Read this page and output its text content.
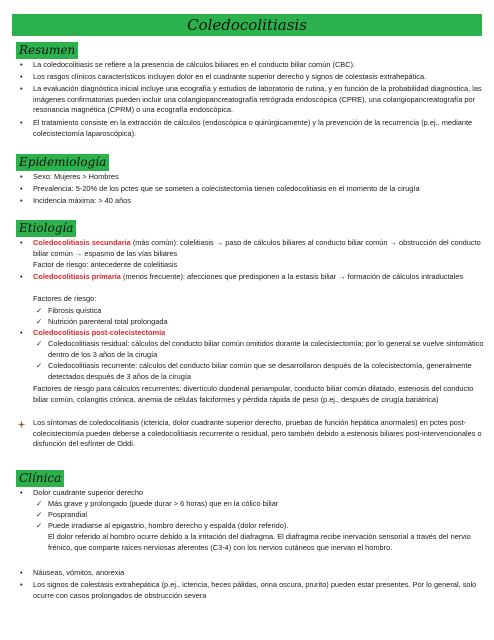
Coledocolitiasis
Resumen
• La coledocolitiasis se refiere a la presencia de cálculos biliares en el conducto biliar común (CBC).
• Los rasgos clínicos característicos incluyen dolor en el cuadrante superior derecho y signos de colestasis extrahepática.
• La evaluación diagnóstica inicial incluye una ecografía y estudios de laboratorio de rutina, y en función de la probabilidad diagnóstica, las imágenes confirmatorias pueden incluir una colangiopancreatografía retrógrada endoscópica (CPRE), una colangiopancreatografía por resonancia magnética (CPRM) o una ecografía endoscópica.
• El tratamiento consiste en la extracción de cálculos (endoscópica o quirúrgicamente) y la prevención de la recurrencia (p.ej., mediante colecistectomía laparoscópica).
Epidemiología
• Sexo: Mujeres > Hombres
• Prevalencia: 5-20% de los pctes que se someten a colecistectomía tienen coledocolitiasis en el momento de la cirugía
• Incidencia máxima: > 40 años
Etiología
• Coledocolitiasis secundaria (más común): colelitiasis → paso de cálculos biliares al conducto biliar común → obstrucción del conducto biliar común → espasmo de las vías biliares
Factor de riesgo: antecedente de colelitiasis
• Coledocolitiasis primaria (menos frecuente): afecciones que predisponen a la estasis biliar → formación de cálculos intraductales
Factores de riesgo:
✓ Fibrosis quística
✓ Nutrición parenteral total prolongada
• Coledocolitiasis post-colecistectomía
✓ Coledocolitiasis residual: cálculos del conducto biliar común omitidos durante la colecistectomía; por lo general se vuelve sintomático dentro de los 3 años de la cirugía
✓ Coledocolitiasis recurrente: cálculos del conducto biliar común que se desarrollaron después de la colecistectomía, generalmente detectados después de 3 años de la cirugía
Factores de riesgo para cálculos recurrentes: divertículo duodenal periampular, conducto biliar común dilatado, estenosis del conducto biliar común, colangitis crónica, anemia de células falciformes y pérdida rápida de peso (p.ej., después de cirugía bariátrica)
Los síntomas de coledocolitiasis (ictericia, dolor cuadrante superior derecho, pruebas de función hepática anormales) en pctes post-colecistectomía pueden deberse a coledocolitiasis recurrente o residual, pero también debido a estenosis biliares post-intervencionales o disfunción del esfínter de Oddi.
Clínica
• Dolor cuadrante superior derecho
✓ Más grave y prolongado (puede durar > 6 horas) que en la cólico biliar
✓ Posprandial
✓ Puede irradiarse al epigastrio, hombro derecho y espalda (dolor referido).
El dolor referido al hombro ocurre debido a la irritación del diafragma. El diafragma recibe inervación sensorial a través del nervio frénico, que comparte raíces nerviosas aferentes (C3-4) con los nervios cutáneos que inervan el hombro.
• Náuseas, vómitos, anorexia
• Los signos de colestasis extrahepática (p.ej., ictericia, heces pálidas, orina oscura, prurito) pueden estar presentes. Por lo general, solo ocurre con casos prolongados de obstrucción severa
